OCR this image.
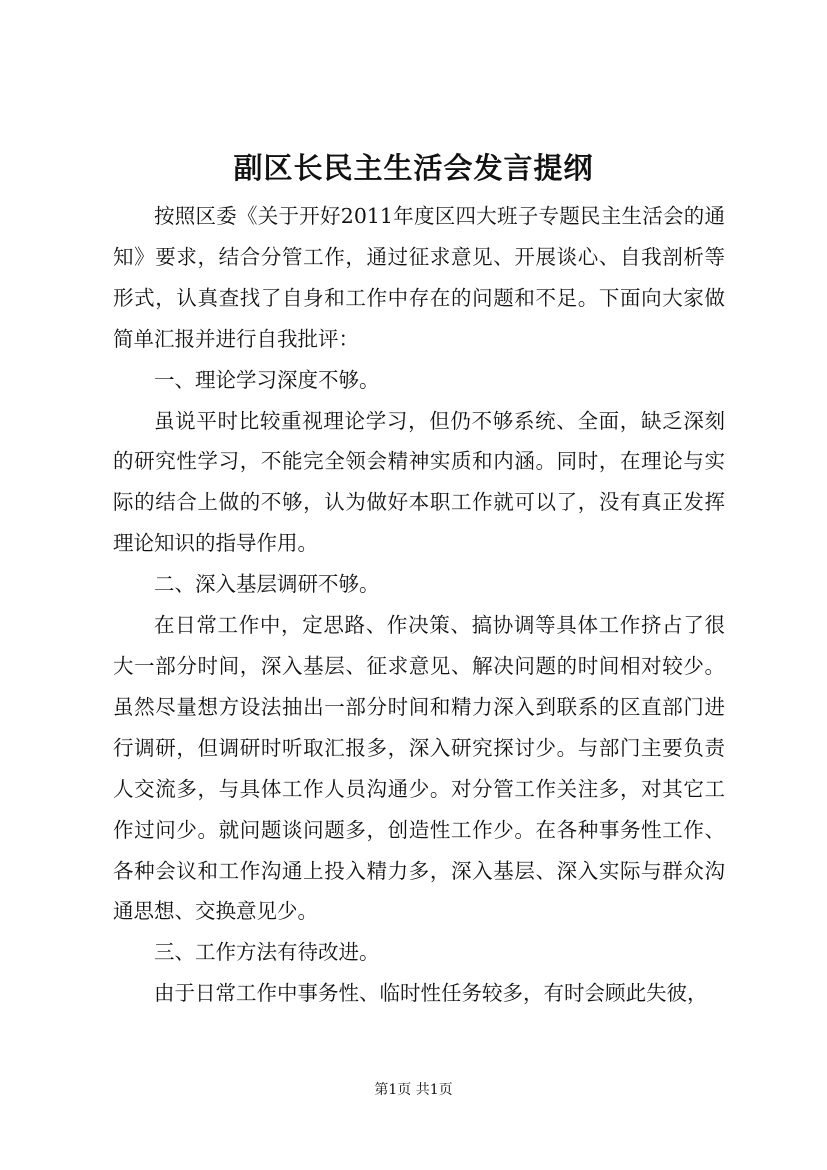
副区长民主生活会发言提纲

按照区委《关于开好2011年度区四大班子专题民主生活会的通知》要求，结合分管工作，通过征求意见、开展谈心、自我剖析等形式，认真查找了自身和工作中存在的问题和不足。下面向大家做简单汇报并进行自我批评：

一、理论学习深度不够。

虽说平时比较重视理论学习，但仍不够系统、全面，缺乏深刻的研究性学习，不能完全领会精神实质和内涵。同时，在理论与实际的结合上做的不够，认为做好本职工作就可以了，没有真正发挥理论知识的指导作用。

二、深入基层调研不够。

在日常工作中，定思路、作决策、搞协调等具体工作挤占了很大一部分时间，深入基层、征求意见、解决问题的时间相对较少。虽然尽量想方设法抽出一部分时间和精力深入到联系的区直部门进行调研，但调研时听取汇报多，深入研究探讨少。与部门主要负责人交流多，与具体工作人员沟通少。对分管工作关注多，对其它工作过问少。就问题谈问题多，创造性工作少。在各种事务性工作、各种会议和工作沟通上投入精力多，深入基层、深入实际与群众沟通思想、交换意见少。

三、工作方法有待改进。

由于日常工作中事务性、临时性任务较多，有时会顾此失彼，

第1页 共1页
